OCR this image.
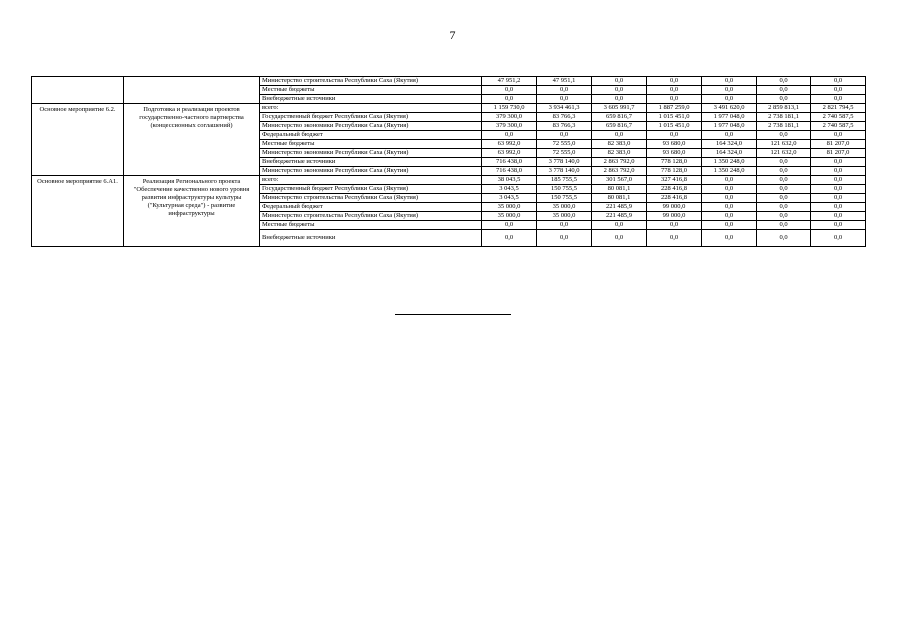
7
		Министерство строительства Республики Саха (Якутия)	47 951,2	47 951,1	0,0	0,0	0,0	0,0	0,0
		Местные бюджеты	0,0	0,0	0,0	0,0	0,0	0,0	0,0
		Внебюджетные источники	0,0	0,0	0,0	0,0	0,0	0,0	0,0
Основное мероприятие 6.2.	Подготовка и реализация проектов государственно-частного партнерства (концессионных соглашений)	всего:	1 159 730,0	3 934 461,3	3 605 991,7	1 887 259,0	3 491 620,0	2 859 813,1	2 821 794,5
		Государственный бюджет Республики Саха (Якутия)	379 300,0	83 766,3	659 816,7	1 015 451,0	1 977 048,0	2 738 181,1	2 740 587,5
		Министерство экономики Республики Саха (Якутия)	379 300,0	83 766,3	659 816,7	1 015 451,0	1 977 048,0	2 738 181,1	2 740 587,5
		Федеральный бюджет	0,0	0,0	0,0	0,0	0,0	0,0	0,0
		Местные бюджеты	63 992,0	72 555,0	82 383,0	93 680,0	164 324,0	121 632,0	81 207,0
		Министерство экономики Республики Саха (Якутия)	63 992,0	72 555,0	82 383,0	93 680,0	164 324,0	121 632,0	81 207,0
		Внебюджетные источники	716 438,0	3 778 140,0	2 863 792,0	778 128,0	1 350 248,0	0,0	0,0
		Министерство экономики Республики Саха (Якутия)	716 438,0	3 778 140,0	2 863 792,0	778 128,0	1 350 248,0	0,0	0,0
Основное мероприятие 6.А1.	Реализация Регионального проекта "Обеспечение качественно нового уровня развития инфраструктуры культуры ("Культурная среда") - развитие инфраструктуры	всего:	38 043,5	185 755,5	301 567,0	327 416,8	0,0	0,0	0,0
		Государственный бюджет Республики Саха (Якутия)	3 043,5	150 755,5	80 081,1	228 416,8	0,0	0,0	0,0
		Министерство строительства Республики Саха (Якутия)	3 043,5	150 755,5	80 081,1	228 416,8	0,0	0,0	0,0
		Федеральный бюджет	35 000,0	35 000,0	221 485,9	99 000,0	0,0	0,0	0,0
		Министерство строительства Республики Саха (Якутия)	35 000,0	35 000,0	221 485,9	99 000,0	0,0	0,0	0,0
		Местные бюджеты	0,0	0,0	0,0	0,0	0,0	0,0	0,0
		Внебюджетные источники	0,0	0,0	0,0	0,0	0,0	0,0	0,0
